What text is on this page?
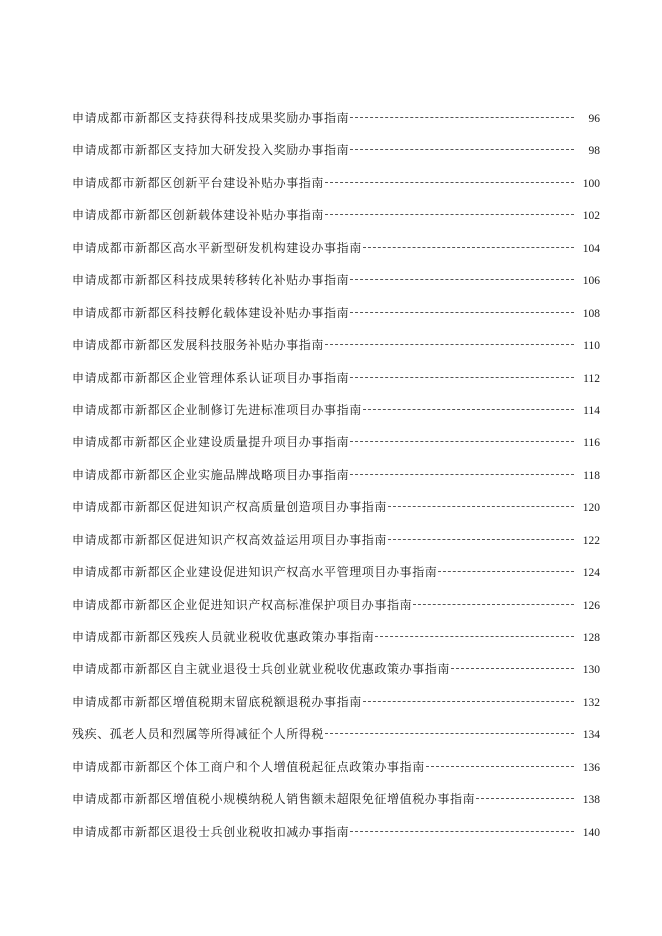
申请成都市新都区支持获得科技成果奖励办事指南	96
申请成都市新都区支持加大研发投入奖励办事指南	98
申请成都市新都区创新平台建设补贴办事指南	100
申请成都市新都区创新载体建设补贴办事指南	102
申请成都市新都区高水平新型研发机构建设办事指南	104
申请成都市新都区科技成果转移转化补贴办事指南	106
申请成都市新都区科技孵化载体建设补贴办事指南	108
申请成都市新都区发展科技服务补贴办事指南	110
申请成都市新都区企业管理体系认证项目办事指南	112
申请成都市新都区企业制修订先进标准项目办事指南	114
申请成都市新都区企业建设质量提升项目办事指南	116
申请成都市新都区企业实施品牌战略项目办事指南	118
申请成都市新都区促进知识产权高质量创造项目办事指南	120
申请成都市新都区促进知识产权高效益运用项目办事指南	122
申请成都市新都区企业建设促进知识产权高水平管理项目办事指南	124
申请成都市新都区企业促进知识产权高标准保护项目办事指南	126
申请成都市新都区残疾人员就业税收优惠政策办事指南	128
申请成都市新都区自主就业退役士兵创业就业税收优惠政策办事指南	130
申请成都市新都区增值税期末留底税额退税办事指南	132
残疾、孤老人员和烈属等所得减征个人所得税	134
申请成都市新都区个体工商户和个人增值税起征点政策办事指南	136
申请成都市新都区增值税小规模纳税人销售额未超限免征增值税办事指南	138
申请成都市新都区退役士兵创业税收扣减办事指南	140
